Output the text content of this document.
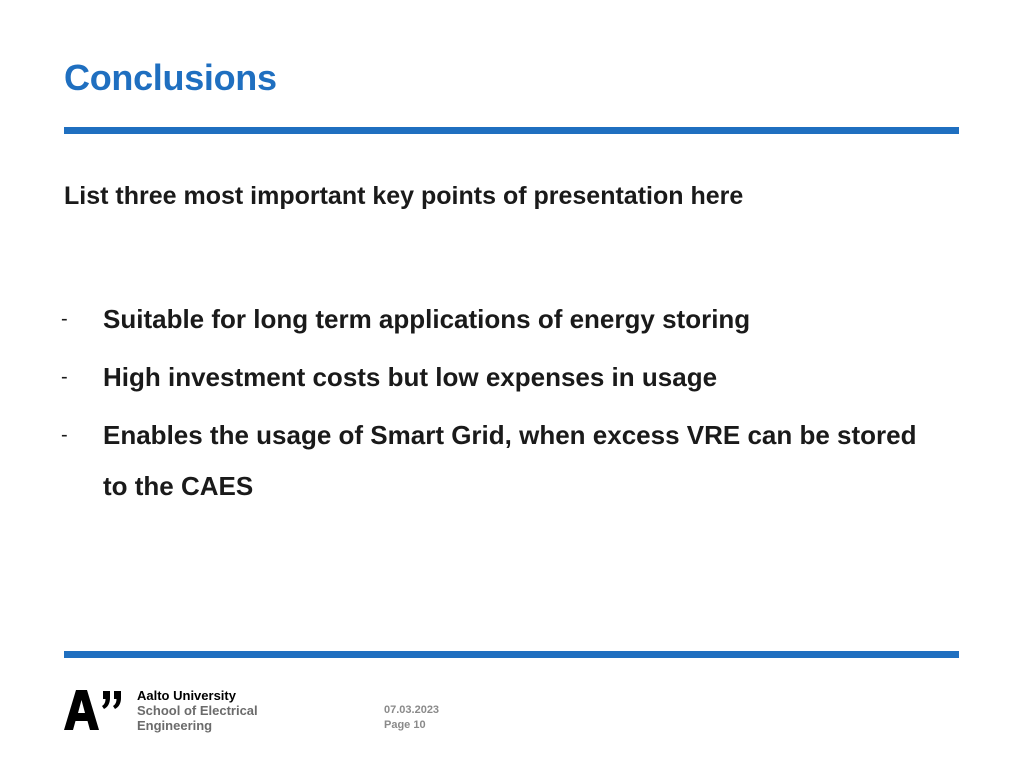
Conclusions

List three most important key points of presentation here

- Suitable for long term applications of energy storing
- High investment costs but low expenses in usage
- Enables the usage of Smart Grid, when excess VRE can be stored to the CAES
Aalto University
School of Electrical
Engineering
07.03.2023
Page 10
